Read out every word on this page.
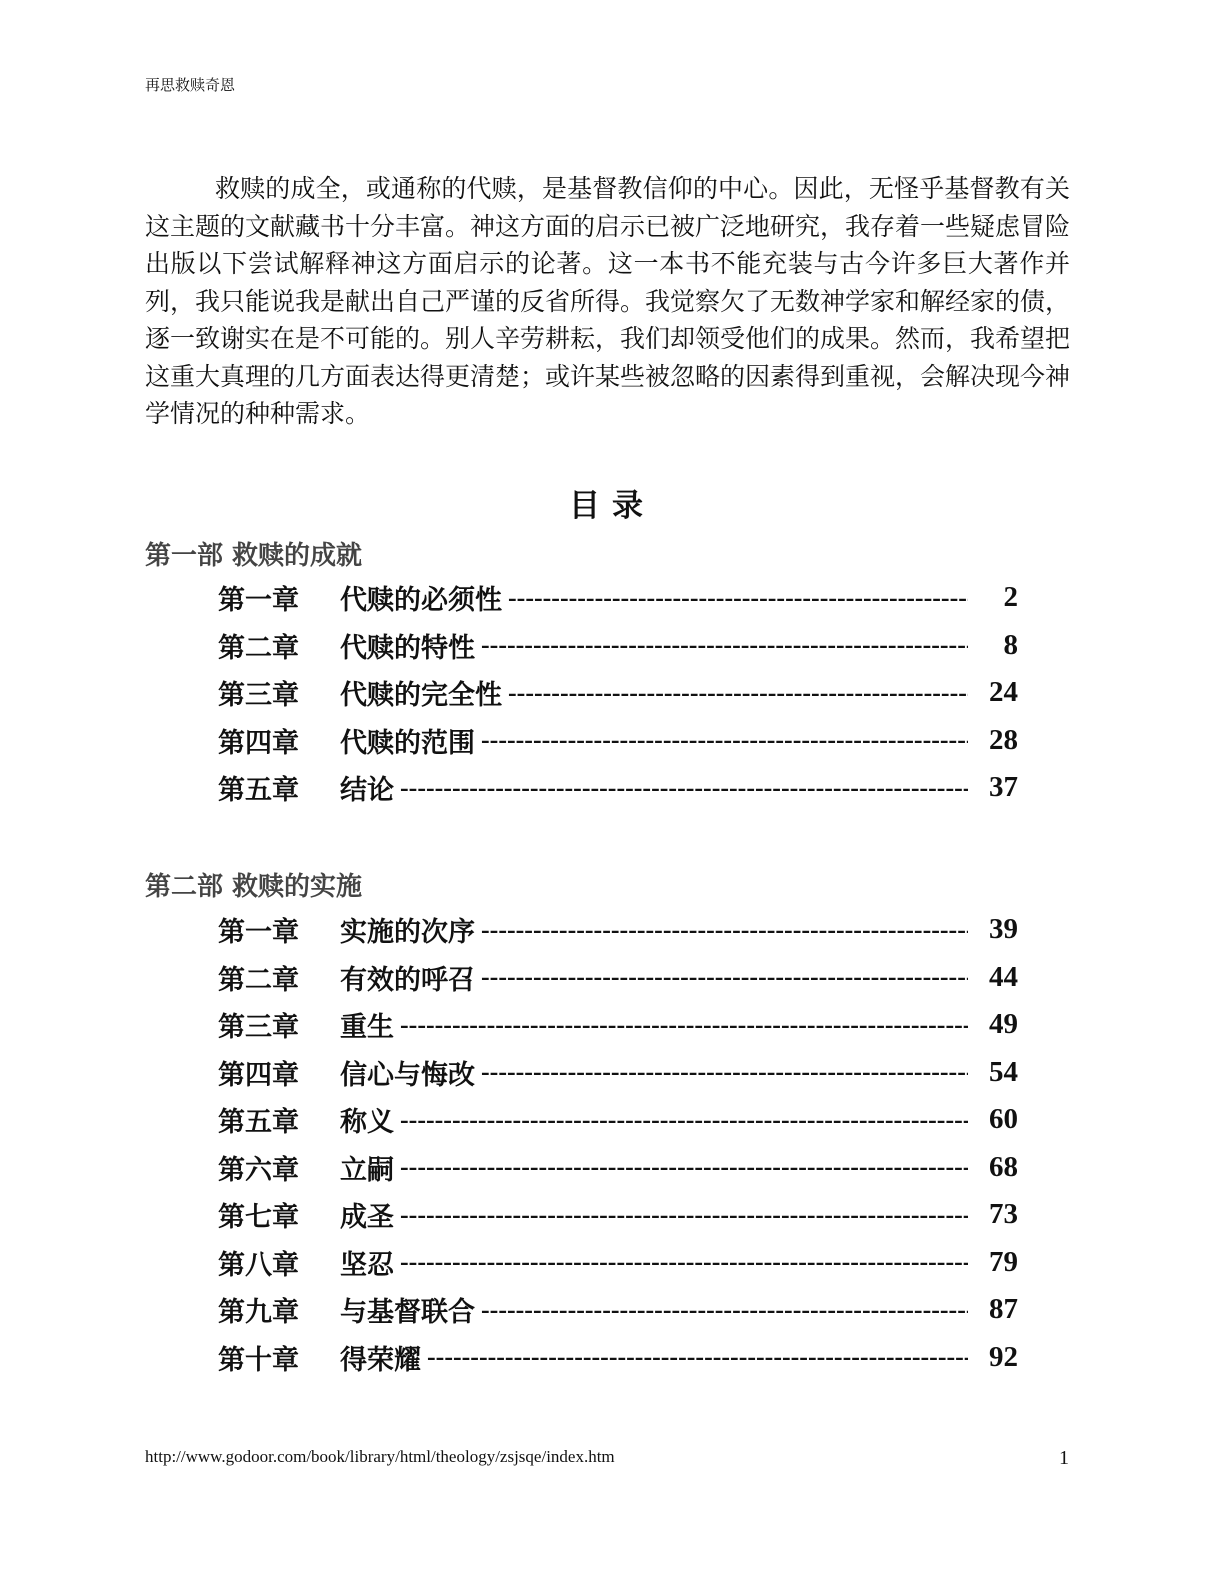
再思救赎奇恩

救赎的成全，或通称的代赎，是基督教信仰的中心。因此，无怪乎基督教有关这主题的文献藏书十分丰富。神这方面的启示已被广泛地研究，我存着一些疑虑冒险出版以下尝试解释神这方面启示的论著。这一本书不能充装与古今许多巨大著作并列，我只能说我是献出自己严谨的反省所得。我觉察欠了无数神学家和解经家的债，逐一致谢实在是不可能的。别人辛劳耕耘，我们却领受他们的成果。然而，我希望把这重大真理的几方面表达得更清楚；或许某些被忽略的因素得到重视，会解决现今神学情况的种种需求。

目录
第一部 救赎的成就
第一章	代赎的必须性 -----	2
第二章	代赎的特性 -----	8
第三章	代赎的完全性 -----	24
第四章	代赎的范围 -----	28
第五章	结论 -----	37
第二部 救赎的实施
第一章	实施的次序 -----	39
第二章	有效的呼召 -----	44
第三章	重生 -----	49
第四章	信心与悔改 -----	54
第五章	称义 -----	60
第六章	立嗣 -----	68
第七章	成圣 -----	73
第八章	坚忍 -----	79
第九章	与基督联合 -----	87
第十章	得荣耀 -----	92
http://www.godoor.com/book/library/html/theology/zsjsqe/index.htm	1
